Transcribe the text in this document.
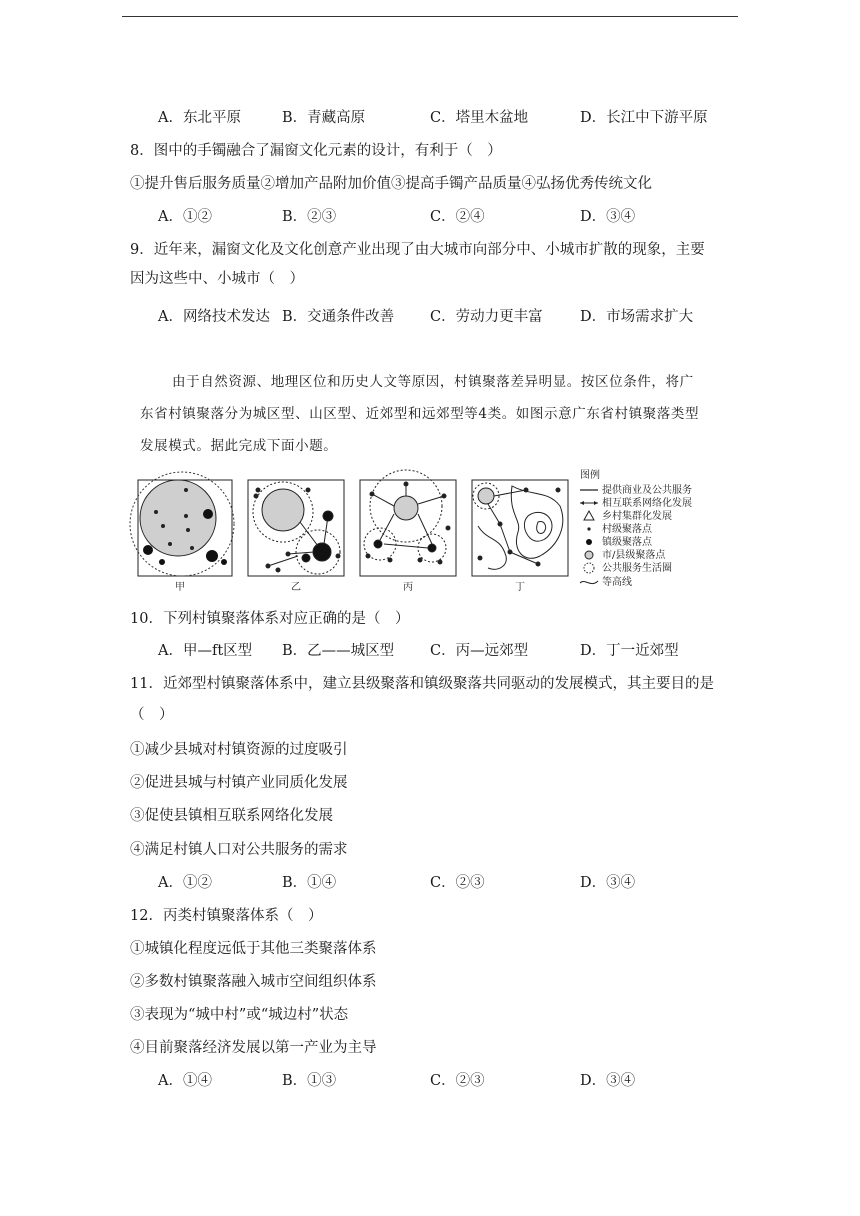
A．东北平原	B．青藏高原	C．塔里木盆地	D．长江中下游平原
8．图中的手镯融合了漏窗文化元素的设计，有利于（　）
①提升售后服务质量②增加产品附加价值③提高手镯产品质量④弘扬优秀传统文化
A．①②	B．②③	C．②④	D．③④
9．近年来，漏窗文化及文化创意产业出现了由大城市向部分中、小城市扩散的现象，主要
因为这些中、小城市（　）
A．网络技术发达 B．交通条件改善 C．劳动力更丰富	D．市场需求扩大
由于自然资源、地理区位和历史人文等原因，村镇聚落差异明显。按区位条件，将广
东省村镇聚落分为城区型、山区型、近郊型和远郊型等4类。如图示意广东省村镇聚落类型
发展模式。据此完成下面小题。
甲	乙	丙	丁
图例
提供商业及公共服务
相互联系网络化发展
乡村集群化发展
村级聚落点
镇级聚落点
市/县级聚落点
公共服务生活圈
等高线
10．下列村镇聚落体系对应正确的是（　）
A．甲—ft区型 B．乙——城区型 C．丙—远郊型	D．丁一近郊型
11．近郊型村镇聚落体系中，建立县级聚落和镇级聚落共同驱动的发展模式，其主要目的是
（　）
①减少县城对村镇资源的过度吸引
②促进县城与村镇产业同质化发展
③促使县镇相互联系网络化发展
④满足村镇人口对公共服务的需求
A．①②	B．①④	C．②③	D．③④
12．丙类村镇聚落体系（　）
①城镇化程度远低于其他三类聚落体系
②多数村镇聚落融入城市空间组织体系
③表现为“城中村”或“城边村”状态
④目前聚落经济发展以第一产业为主导
A．①④	B．①③	C．②③	D．③④
